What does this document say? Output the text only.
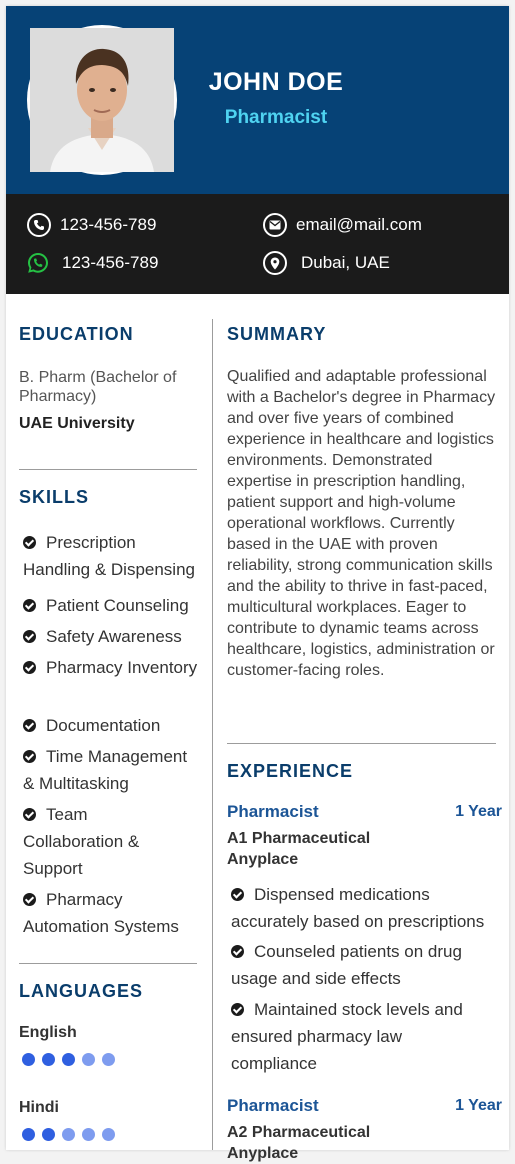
JOHN DOE
Pharmacist
123-456-789
123-456-789
email@mail.com
Dubai, UAE
EDUCATION
B. Pharm (Bachelor of Pharmacy)
UAE University
SKILLS
Prescription Handling & Dispensing
Patient Counseling
Safety Awareness
Pharmacy Inventory
Documentation
Time Management & Multitasking
Team Collaboration & Support
Pharmacy Automation Systems
LANGUAGES
English
Hindi
SUMMARY
Qualified and adaptable professional with a Bachelor's degree in Pharmacy and over five years of combined experience in healthcare and logistics environments. Demonstrated expertise in prescription handling, patient support and high-volume operational workflows. Currently based in the UAE with proven reliability, strong communication skills and the ability to thrive in fast-paced, multicultural workplaces. Eager to contribute to dynamic teams across healthcare, logistics, administration or customer-facing roles.
EXPERIENCE
Pharmacist	1 Year
A1 Pharmaceutical Anyplace
Dispensed medications accurately based on prescriptions
Counseled patients on drug usage and side effects
Maintained stock levels and ensured pharmacy law compliance
Pharmacist	1 Year
A2 Pharmaceutical Anyplace
